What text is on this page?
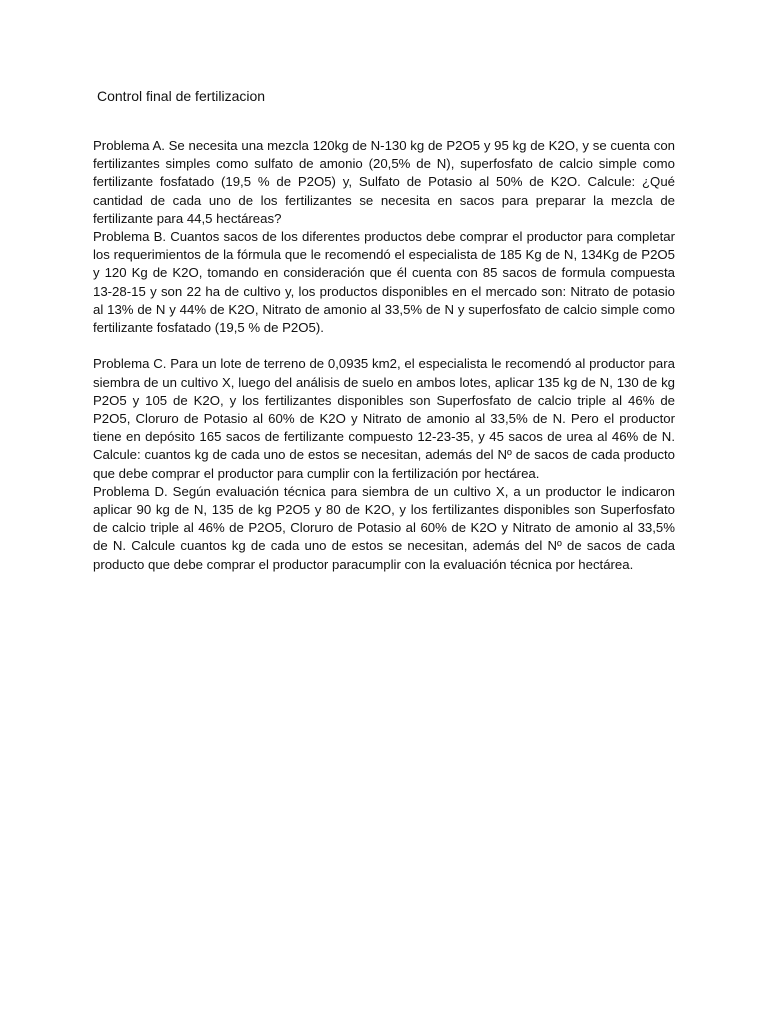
Control final de fertilizacion

Problema A. Se necesita una mezcla 120kg de N-130 kg de P2O5 y 95 kg de K2O, y se cuenta con fertilizantes simples como sulfato de amonio (20,5% de N), superfosfato de calcio simple como fertilizante fosfatado (19,5 % de P2O5) y, Sulfato de Potasio al 50% de K2O. Calcule: ¿Qué cantidad de cada uno de los fertilizantes se necesita en sacos para preparar la mezcla de fertilizante para 44,5 hectáreas?

Problema B. Cuantos sacos de los diferentes productos debe comprar el productor para completar los requerimientos de la fórmula que le recomendó el especialista de 185 Kg de N, 134Kg de P2O5 y 120 Kg de K2O, tomando en consideración que él cuenta con 85 sacos de formula compuesta 13-28-15 y son 22 ha de cultivo y, los productos disponibles en el mercado son: Nitrato de potasio al 13% de N y 44% de K2O, Nitrato de amonio al 33,5% de N y superfosfato de calcio simple como fertilizante fosfatado (19,5 % de P2O5).

Problema C. Para un lote de terreno de 0,0935 km2, el especialista le recomendó al productor para siembra de un cultivo X, luego del análisis de suelo en ambos lotes, aplicar 135 kg de N, 130 de kg P2O5 y 105 de K2O, y los fertilizantes disponibles son Superfosfato de calcio triple al 46% de P2O5, Cloruro de Potasio al 60% de K2O y Nitrato de amonio al 33,5% de N. Pero el productor tiene en depósito 165 sacos de fertilizante compuesto 12-23-35, y 45 sacos de urea al 46% de N. Calcule: cuantos kg de cada uno de estos se necesitan, además del Nº de sacos de cada producto que debe comprar el productor para cumplir con la fertilización por hectárea.

Problema D. Según evaluación técnica para siembra de un cultivo X, a un productor le indicaron aplicar 90 kg de N, 135 de kg P2O5 y 80 de K2O, y los fertilizantes disponibles son Superfosfato de calcio triple al 46% de P2O5, Cloruro de Potasio al 60% de K2O y Nitrato de amonio al 33,5% de N. Calcule cuantos kg de cada uno de estos se necesitan, además del Nº de sacos de cada producto que debe comprar el productor paracumplir con la evaluación técnica por hectárea.
